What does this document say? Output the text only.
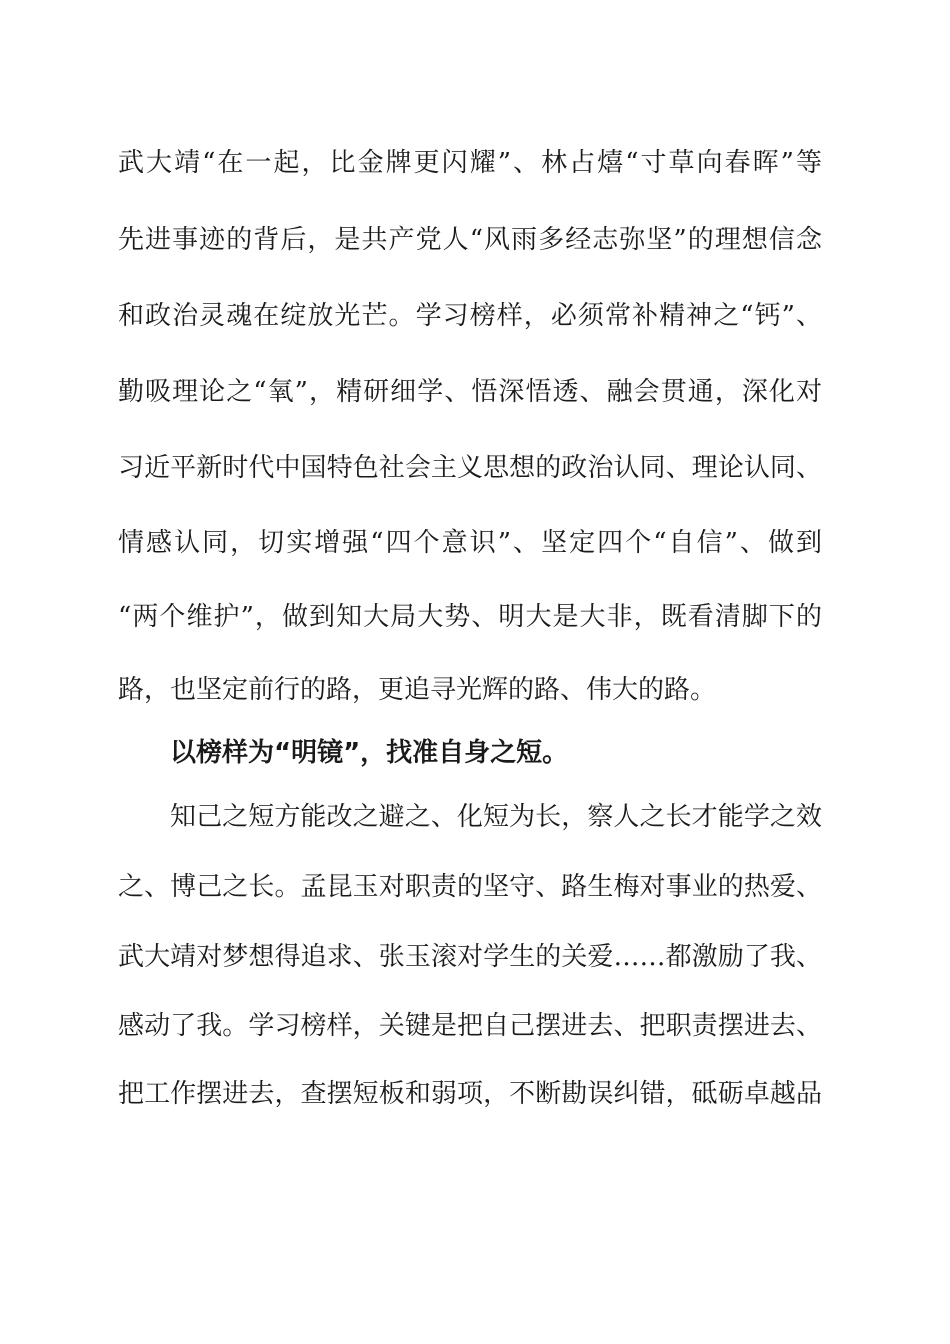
武大靖“在一起，比金牌更闪耀”、林占熺“寸草向春晖”等
先进事迹的背后，是共产党人“风雨多经志弥坚”的理想信念
和政治灵魂在绽放光芒。学习榜样，必须常补精神之“钙”、
勤吸理论之“氧”，精研细学、悟深悟透、融会贯通，深化对
习近平新时代中国特色社会主义思想的政治认同、理论认同、
情感认同，切实增强“四个意识”、坚定四个“自信”、做到
“两个维护”，做到知大局大势、明大是大非，既看清脚下的
路，也坚定前行的路，更追寻光辉的路、伟大的路。
以榜样为“明镜”，找准自身之短。
知己之短方能改之避之、化短为长，察人之长才能学之效
之、博己之长。孟昆玉对职责的坚守、路生梅对事业的热爱、
武大靖对梦想得追求、张玉滚对学生的关爱……都激励了我、
感动了我。学习榜样，关键是把自己摆进去、把职责摆进去、
把工作摆进去，查摆短板和弱项，不断勘误纠错，砥砺卓越品
